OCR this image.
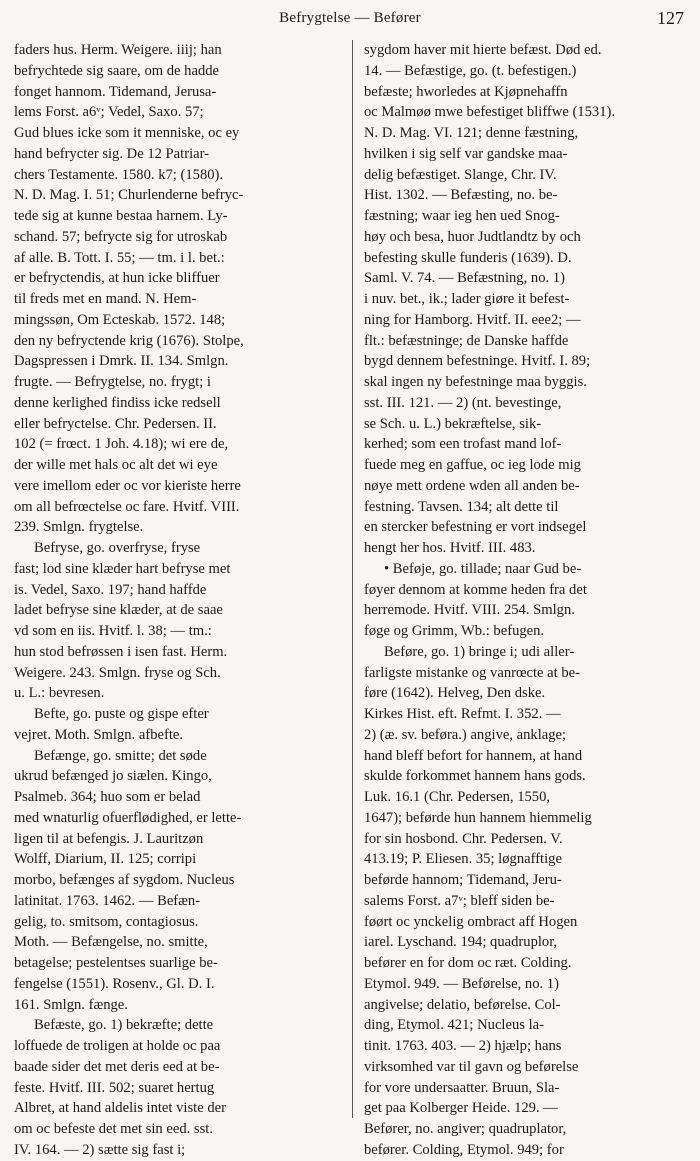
Befrygtelse — Befører	127
faders hus. Herm. Weigere. iiij; han
befrychtede sig saare, om de hadde
fonget hannom. Tidemand, Jerusa-
lems Forst. a6ᵛ; Vedel, Saxo. 57;
Gud blues icke som it menniske, oc ey
hand befrycter sig. De 12 Patriar-
chers Testamente. 1580. k7; (1580).
N. D. Mag. I. 51; Churlenderne befryc-
tede sig at kunne bestaa harnem. Ly-
schand. 57; befrycte sig for utroskab
af alle. B. Tott. I. 55; — tm. i l. bet.:
er befryctendis, at hun icke bliffuer
til freds met en mand. N. Hem-
mingssøn, Om Ecteskab. 1572. 148;
den ny befryctende krig (1676). Stolpe,
Dagspressen i Dmrk. II. 134. Smlgn.
frugte. — Befrygtelse, no. frygt; i
denne kerlighed findiss icke redsell
eller befryctelse. Chr. Pedersen. II.
102 (= frœct. 1 Joh. 4.18); wi ere de,
der wille met hals oc alt det wi eye
vere imellom eder oc vor kieriste herre
om all befrœctelse oc fare. Hvitf. VIII.
239. Smlgn. frygtelse.
Befryse, go. overfryse, fryse
fast; lod sine klæder hart befryse met
is. Vedel, Saxo. 197; hand haffde
ladet befryse sine klæder, at de saae
vd som en iis. Hvitf. l. 38; — tm.:
hun stod befrøssen i isen fast. Herm.
Weigere. 243. Smlgn. fryse og Sch.
u. L.: bevresen.
Befte, go. puste og gispe efter
vejret. Moth. Smlgn. afbefte.
Befænge, go. smitte; det søde
ukrud befænged jo siælen. Kingo,
Psalmeb. 364; huo som er belad
med wnaturlig ofuerflødighed, er lette-
ligen til at befengis. J. Lauritzøn
Wolff, Diarium, II. 125; corripi
morbo, befænges af sygdom. Nucleus
latinitat. 1763. 1462. — Befæn-
gelig, to. smitsom, contagiosus.
Moth. — Befængelse, no. smitte,
betagelse; pestelentses suarlige be-
fengelse (1551). Rosenv., Gl. D. I.
161. Smlgn. fænge.
Befæste, go. 1) bekræfte; dette
loffuede de troligen at holde oc paa
baade sider det met deris eed at be-
feste. Hvitf. III. 502; suaret hertug
Albret, at hand aldelis intet viste der
om oc befeste det met sin eed. sst.
IV. 164. — 2) sætte sig fast i;
sygdom haver mit hierte befæst. Død ed.
14. — Befæstige, go. (t. befestigen.)
befæste; hworledes at Kjøpnehaffn
oc Malmøø mwe befestiget bliffwe (1531).
N. D. Mag. VI. 121; denne fæstning,
hvilken i sig self var gandske maa-
delig befæstiget. Slange, Chr. IV.
Hist. 1302. — Befæsting, no. be-
fæstning; waar ieg hen ued Snog-
høy och besa, huor Judtlandtz by och
befesting skulle funderis (1639). D.
Saml. V. 74. — Befæstning, no. 1)
i nuv. bet., ik.; lader giøre it befest-
ning for Hamborg. Hvitf. II. eee2; —
flt.: befæstninge; de Danske haffde
bygd dennem befestninge. Hvitf. I. 89;
skal ingen ny befestninge maa byggis.
sst. III. 121. — 2) (nt. bevestinge,
se Sch. u. L.) bekræftelse, sik-
kerhed; som een trofast mand lof-
fuede meg en gaffue, oc ieg lode mig
nøye mett ordene wden all anden be-
festning. Tavsen. 134; alt dette til
en stercker befestning er vort indsegel
hengt her hos. Hvitf. III. 483.
• Beføje, go. tillade; naar Gud be-
føyer dennom at komme heden fra det
herremode. Hvitf. VIII. 254. Smlgn.
føge og Grimm, Wb.: befugen.
Beføre, go. 1) bringe i; udi aller-
farligste mistanke og vanrœcte at be-
føre (1642). Helveg, Den dske.
Kirkes Hist. eft. Refmt. I. 352. —
2) (æ. sv. beføra.) angive, anklage;
hand bleff befort for hannem, at hand
skulde forkommet hannem hans gods.
Luk. 16.1 (Chr. Pedersen, 1550,
1647); beførde hun hannem hiemmelig
for sin hosbond. Chr. Pedersen. V.
413.19; P. Eliesen. 35; løgnafftige
beførde hannom; Tidemand, Jeru-
salems Forst. a7ᵛ; bleff siden be-
føørt oc ynckelig ombract aff Hogen
iarel. Lyschand. 194; quadruplor,
befører en for dom oc ræt. Colding.
Etymol. 949. — Beførelse, no. 1)
angivelse; delatio, beførelse. Col-
ding, Etymol. 421; Nucleus la-
tinit. 1763. 403. — 2) hjælp; hans
virksomhed var til gavn og beførelse
for vore undersaatter. Bruun, Sla-
get paa Kolberger Heide. 129. —
Befører, no. angiver; quadruplator,
befører. Colding, Etymol. 949; for
